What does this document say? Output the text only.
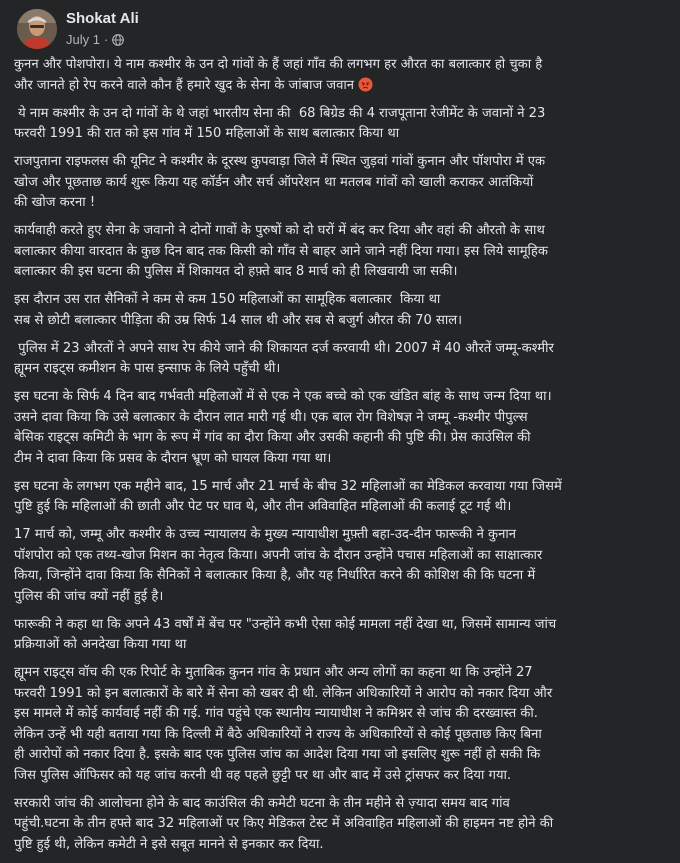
Shokat Ali
July 1 ·

कुनन और पोशपोरा। ये नाम कश्मीर के उन दो गांवों के हैं जहां गाँव की लगभग हर औरत का बलात्कार हो चुका है
और जानते हो रेप करने वाले कौन हैं हमारे खुद के सेना के जांबाज जवान

ये नाम कश्मीर के उन दो गांवों के थे जहां भारतीय सेना की  68 बिग्रेड की 4 राजपूताना रेजीमेंट के जवानों ने 23
फरवरी 1991 की रात को इस गांव में 150 महिलाओं के साथ बलात्कार किया था

राजपुताना राइफलस की यूनिट ने कश्मीर के दूरस्थ कुपवाड़ा जिले में स्थित जुड़वां गांवों कुनान और पॉशपोरा में एक
खोज और पूछताछ कार्य शुरू किया यह कॉर्डन और सर्च ऑपरेशन था मतलब गांवों को खाली कराकर आतंकियों
की खोज करना !

कार्यवाही करते हुए सेना के जवानो ने दोनों गावों के पुरुषों को दो घरों में बंद कर दिया और वहां की औरतो के साथ
बलात्कार कीया वारदात के कुछ दिन बाद तक किसी को गाँव से बाहर आने जाने नहीं दिया गया। इस लिये सामूहिक
बलात्कार की इस घटना की पुलिस में शिकायत दो हफ़्ते बाद 8 मार्च को ही लिखवायी जा सकी।

इस दौरान उस रात सैनिकों ने कम से कम 150 महिलाओं का सामूहिक बलात्कार  किया था
सब से छोटी बलात्कार पीड़िता की उम्र सिर्फ 14 साल थी और सब से बजुर्ग औरत की 70 साल।

पुलिस में 23 औरतों ने अपने साथ रेप कीये जाने की शिकायत दर्ज करवायी थी। 2007 में 40 औरतें जम्मू-कश्मीर
ह्यूमन राइट्स कमीशन के पास इन्साफ के लिये पहुँची थी।

इस घटना के सिर्फ 4 दिन बाद गर्भवती महिलाओं में से एक ने एक बच्चे को एक खंडित बांह के साथ जन्म दिया था।
उसने दावा किया कि उसे बलात्कार के दौरान लात मारी गई थी। एक बाल रोग विशेषज्ञ ने जम्मू -कश्मीर पीपुल्स
बेसिक राइट्स कमिटी के भाग के रूप में गांव का दौरा किया और उसकी कहानी की पुष्टि की। प्रेस काउंसिल की
टीम ने दावा किया कि प्रसव के दौरान भ्रूण को घायल किया गया था।

इस घटना के लगभग एक महीने बाद, 15 मार्च और 21 मार्च के बीच 32 महिलाओं का मेडिकल करवाया गया जिसमें
पुष्टि हुई कि महिलाओं की छाती और पेट पर घाव थे, और तीन अविवाहित महिलाओं की कलाई टूट गई थी।

17 मार्च को, जम्मू और कश्मीर के उच्च न्यायालय के मुख्य न्यायाधीश मुफ़्ती बहा-उद-दीन फारूकी ने कुनान
पॉशपोरा को एक तथ्य-खोज मिशन का नेतृत्व किया। अपनी जांच के दौरान उन्होंने पचास महिलाओं का साक्षात्कार
किया, जिन्होंने दावा किया कि सैनिकों ने बलात्कार किया है, और यह निर्धारित करने की कोशिश की कि घटना में
पुलिस की जांच क्यों नहीं हुई है।

फारूकी ने कहा था कि अपने 43 वर्षों में बेंच पर "उन्होंने कभी ऐसा कोई मामला नहीं देखा था, जिसमें सामान्य जांच
प्रक्रियाओं को अनदेखा किया गया था

ह्यूमन राइट्स वॉच की एक रिपोर्ट के मुताबिक कुनन गांव के प्रधान और अन्य लोगों का कहना था कि उन्होंने 27
फरवरी 1991 को इन बलात्कारों के बारे में सेना को खबर दी थी. लेकिन अधिकारियों ने आरोप को नकार दिया और
इस मामले में कोई कार्यवाई नहीं की गई. गांव पहुंचे एक स्थानीय न्यायाधीश ने कमिश्नर से जांच की दरख्वास्त की.
लेकिन उन्हें भी यही बताया गया कि दिल्ली में बैठे अधिकारियों ने राज्य के अधिकारियों से कोई पूछताछ किए बिना
ही आरोपों को नकार दिया है. इसके बाद एक पुलिस जांच का आदेश दिया गया जो इसलिए शुरू नहीं हो सकी कि
जिस पुलिस ऑफिसर को यह जांच करनी थी वह पहले छुट्टी पर था और बाद में उसे ट्रांसफर कर दिया गया.

सरकारी जांच की आलोचना होने के बाद काउंसिल की कमेटी घटना के तीन महीने से ज़्यादा समय बाद गांव
पहुंची.घटना के तीन हफ्ते बाद 32 महिलाओं पर किए मेडिकल टेस्ट में अविवाहित महिलाओं की हाइमन नष्ट होने की
पुष्टि हुई थी, लेकिन कमेटी ने इसे सबूत मानने से इनकार कर दिया.
